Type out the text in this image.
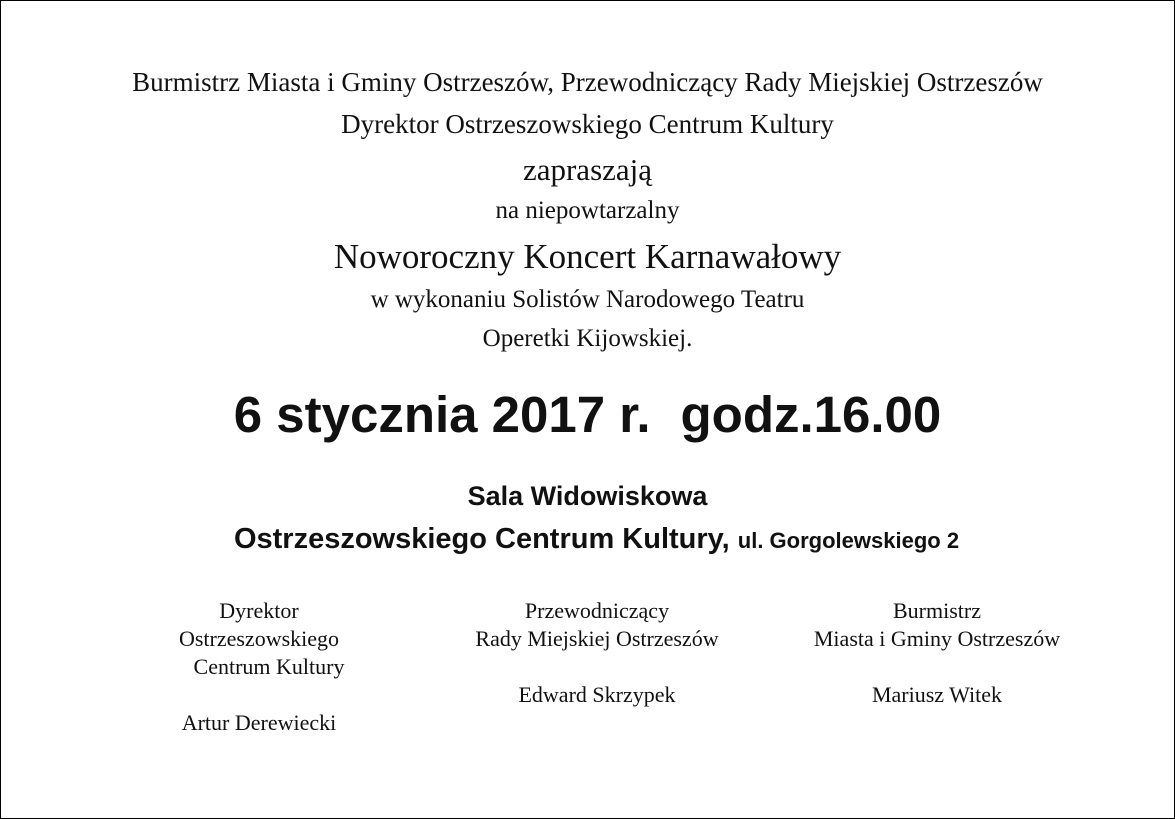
Burmistrz Miasta i Gminy Ostrzeszów, Przewodniczący Rady Miejskiej Ostrzeszów
Dyrektor Ostrzeszowskiego Centrum Kultury
zapraszają
na niepowtarzalny
Noworoczny Koncert Karnawałowy
w wykonaniu Solistów Narodowego Teatru
Operetki Kijowskiej.
6 stycznia 2017 r. godz.16.00
Sala Widowiskowa
Ostrzeszowskiego Centrum Kultury, ul. Gorgolewskiego 2
Dyrektor
Ostrzeszowskiego
Centrum Kultury
Artur Derewiecki
Przewodniczący
Rady Miejskiej Ostrzeszów
Edward Skrzypek
Burmistrz
Miasta i Gminy Ostrzeszów
Mariusz Witek
